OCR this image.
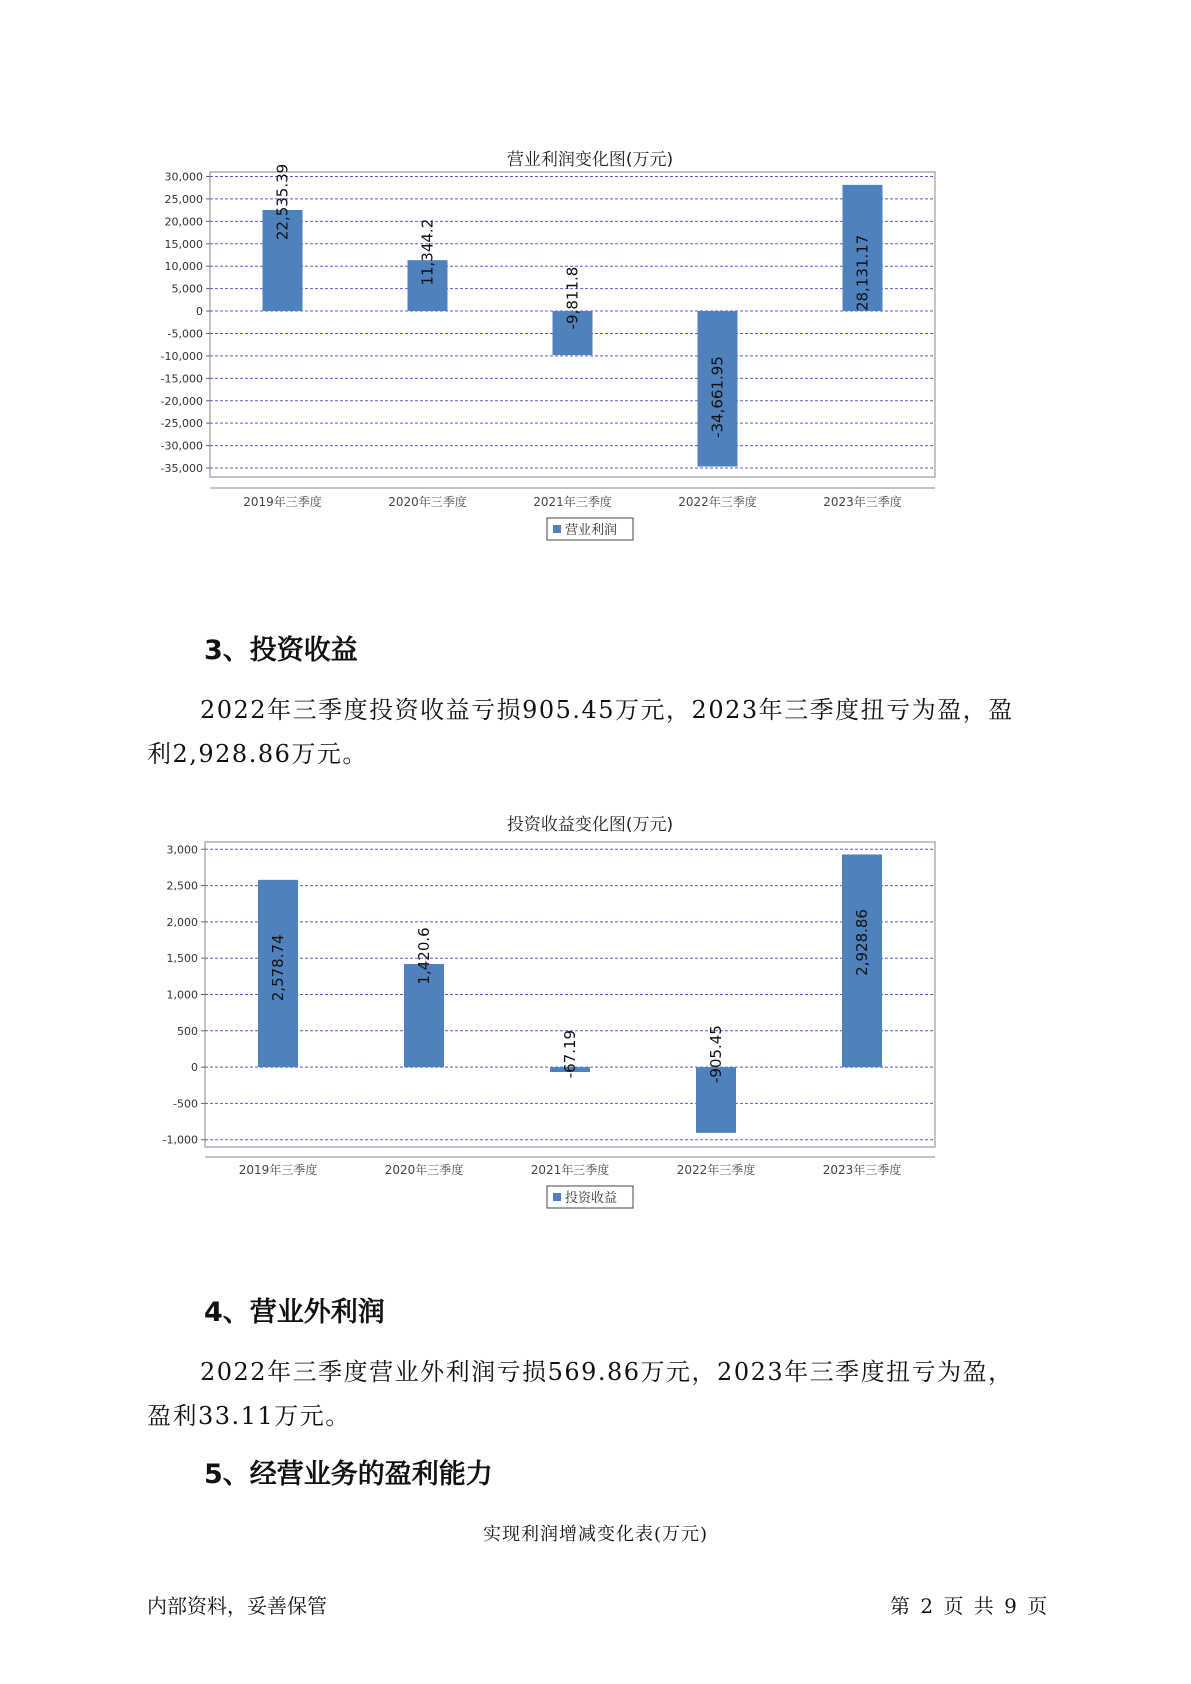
营业利润变化图(万元)
30,000
25,000
20,000
15,000
10,000
5,000
0
-5,000
-10,000
-15,000
-20,000
-25,000
-30,000
-35,000
22,535.39
2019年三季度
11,344.2
2020年三季度
-9,811.8
2021年三季度
-34,661.95
2022年三季度
28,131.17
2023年三季度
营业利润
3、投资收益
2022年三季度投资收益亏损905.45万元，2023年三季度扭亏为盈，盈
利2,928.86万元。
投资收益变化图(万元)
3,000
2,500
2,000
1,500
1,000
500
0
-500
-1,000
2,578.74
2019年三季度
1,420.6
2020年三季度
-67.19
2021年三季度
-905.45
2022年三季度
2,928.86
2023年三季度
投资收益
4、营业外利润
2022年三季度营业外利润亏损569.86万元，2023年三季度扭亏为盈，
盈利33.11万元。
5、经营业务的盈利能力
实现利润增减变化表(万元)
内部资料，妥善保管	第 2 页 共 9 页
